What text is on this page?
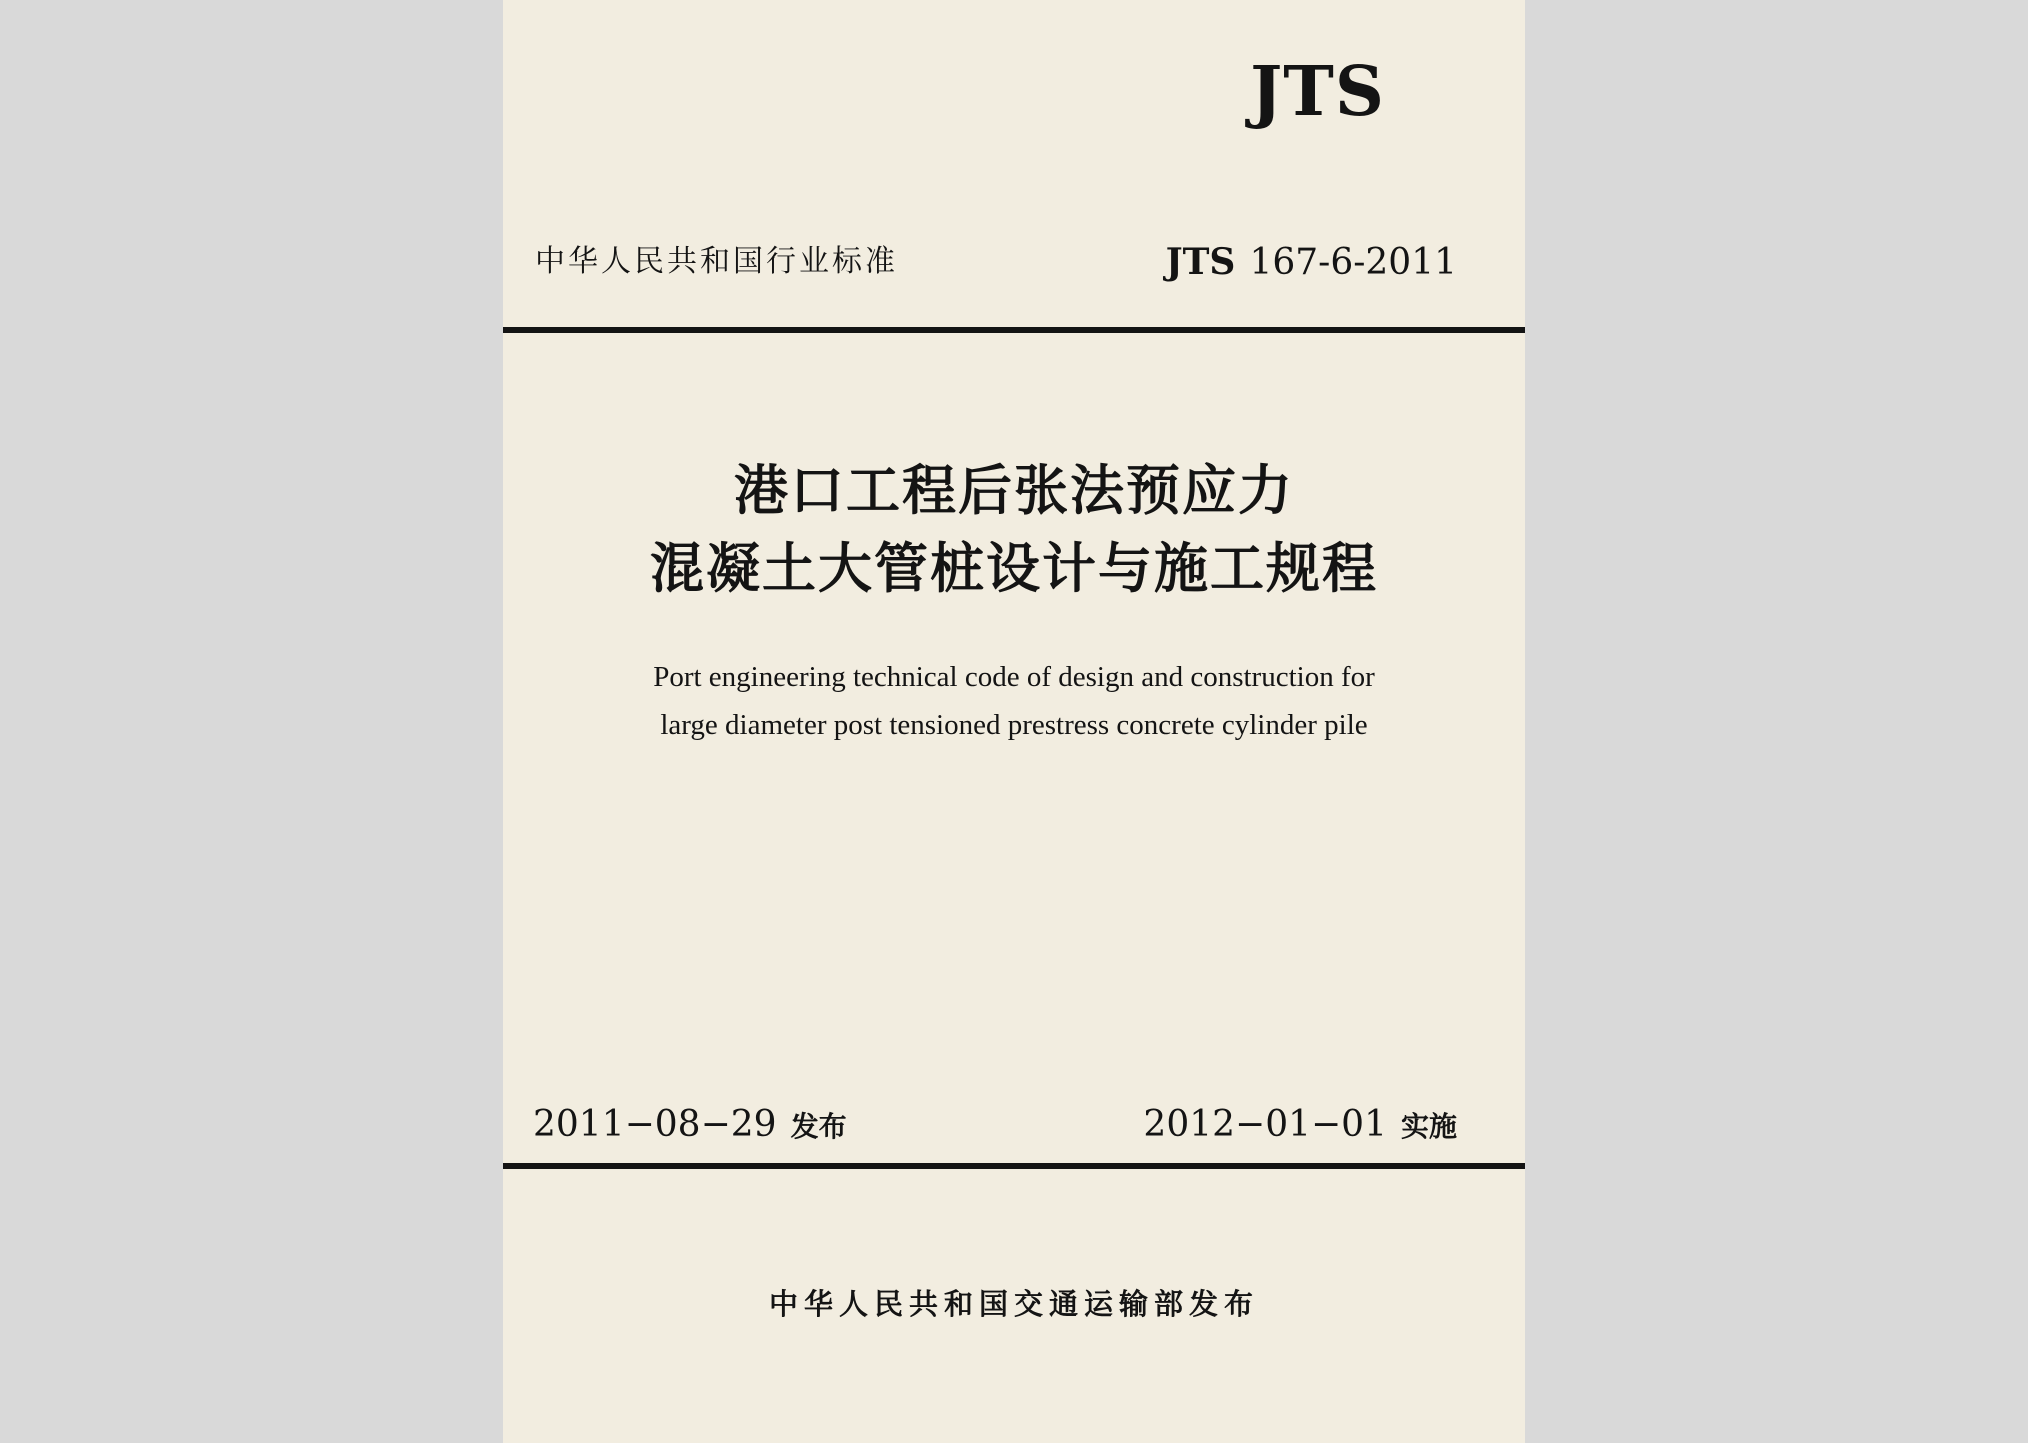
JTS
中华人民共和国行业标准	JTS 167-6-2011
港口工程后张法预应力
混凝土大管桩设计与施工规程
Port engineering technical code of design and construction for
large diameter post tensioned prestress concrete cylinder pile
2011−08−29 发布	2012−01−01 实施
中华人民共和国交通运输部发布
